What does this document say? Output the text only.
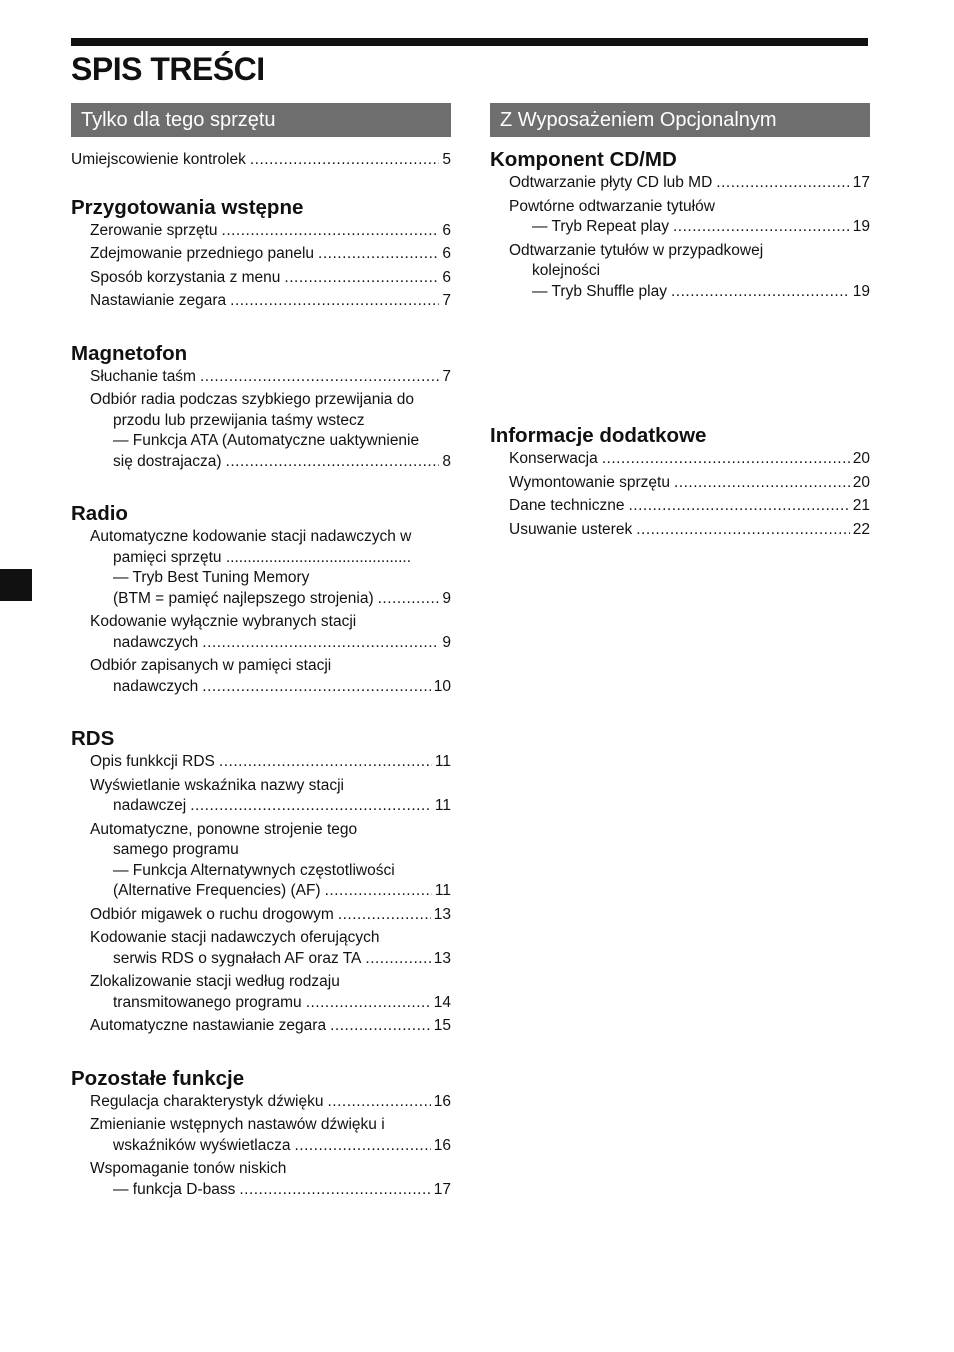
SPIS TREŚCI
Tylko dla tego sprzętu
Umiejscowienie kontrolek .....	5
Przygotowania wstępne
Zerowanie sprzętu .....	6
Zdejmowanie przedniego panelu .....	6
Sposób korzystania z menu .....	6
Nastawianie zegara .....	7
Magnetofon
Słuchanie taśm .....	7
Odbiór radia podczas szybkiego przewijania do
przodu lub przewijania taśmy wstecz
— Funkcja ATA (Automatyczne uaktywnienie
się dostrajacza) .....	8
Radio
Automatyczne kodowanie stacji nadawczych w
pamięci sprzętu ...........................................
— Tryb Best Tuning Memory
(BTM = pamięć najlepszego strojenia) .....	9
Kodowanie wyłącznie wybranych stacji
nadawczych .....	9
Odbiór zapisanych w pamięci stacji
nadawczych .....	10
RDS
Opis funkkcji RDS .....	11
Wyświetlanie wskaźnika nazwy stacji
nadawczej .....	11
Automatyczne, ponowne strojenie tego
samego programu
— Funkcja Alternatywnych częstotliwości
(Alternative Frequencies) (AF) .....	11
Odbiór migawek o ruchu drogowym .....	13
Kodowanie stacji nadawczych oferujących
serwis RDS o sygnałach AF oraz TA .....	13
Zlokalizowanie stacji według rodzaju
transmitowanego programu .....	14
Automatyczne nastawianie zegara .....	15
Pozostałe funkcje
Regulacja charakterystyk dźwięku .....	16
Zmienianie wstępnych nastawów dźwięku i
wskaźników wyświetlacza .....	16
Wspomaganie tonów niskich
— funkcja D-bass .....	17
Z Wyposażeniem Opcjonalnym
Komponent CD/MD
Odtwarzanie płyty CD lub MD .....	17
Powtórne odtwarzanie tytułów
— Tryb Repeat play .....	19
Odtwarzanie tytułów w przypadkowej
kolejności
— Tryb Shuffle play .....	19
Informacje dodatkowe
Konserwacja .....	20
Wymontowanie sprzętu .....	20
Dane techniczne .....	21
Usuwanie usterek .....	22
